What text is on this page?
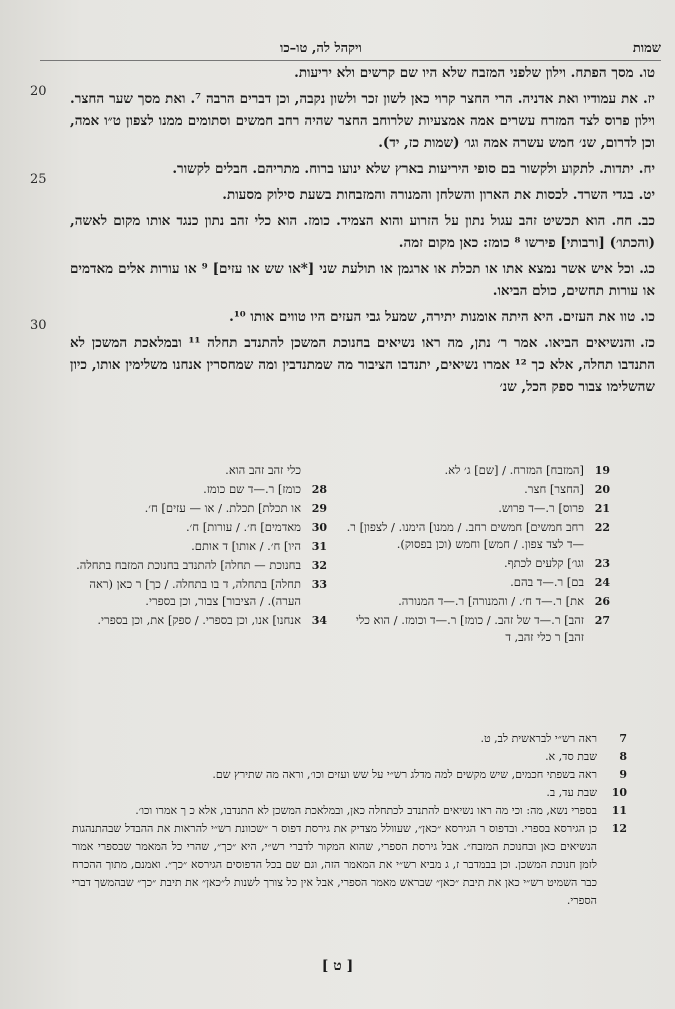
שמות
ויקהל לה, טו–כו
20
25
30
טו.מסך הפתח. וילון שלפני המזבח שלא היו שם קרשים ולא יריעות.
יז.את עמודיו ואת אדניה. הרי החצר קרוי כאן לשון זכר ולשון נקבה, וכן דברים הרבה ⁷. ואת מסך שער החצר. וילון פרוס לצד המזרח עשרים אמה אמצעיות שלרוחב החצר שהיה רחב חמשים וסתומים ממנו לצפון ט״ו אמה, וכן לדרום, שנ׳ חמש עשרה אמה וגו׳ (שמות כז, יד).
יח.יתדות. לתקוע ולקשור בם סופי היריעות בארץ שלא ינועו ברוח. מתריהם. חבלים לקשור.
יט.בגדי השרד. לכסות את הארון והשלחן והמנורה והמזבחות בשעת סילוק מסעות.
כב.חח. הוא תכשיט זהב עגול נתון על הזרוע והוא הצמיד. כומז. הוא כלי זהב נתון כנגד אותו מקום לאשה, (והכתו׳) [ורבותי] פירשו ⁸ כומז: כאן מקום זמה.
כג.וכל איש אשר נמצא אתו או תכלת או ארגמן או תולעת שני [*או שש או עזים] ⁹ או עורות אלים מאדמים או עורות תחשים, כולם הביאו.
כו.טוו את העזים. היא היתה אומנות יתירה, שמעל גבי העזים היו טווים אותו ¹⁰.
כז.והנשיאים הביאו. אמר ר׳ נתן, מה ראו נשיאים בחנוכת המשכן להתנדב תחלה ¹¹ ובמלאכת המשכן לא התנדבו תחלה, אלא כך ¹² אמרו נשיאים, יתנדבו הציבור מה שמתנדבין ומה שמחסרין אנחנו משלימין אותו, כיון שהשלימו צבור ספק הכל, שנ׳
19
[המזבח] המזרח. / [שם] ג׳ לא.
20
[החצר] חצר.
21
פרוס] ר.—ד פרוש.
22
רחב חמשים] חמשים רחב. / ממנו] הימנו. / לצפון] ר.—ד לצד צפון. / חמש] וחמש (וכן בפסוק).
23
וגו׳] קלעים לכתף.
24
בם] ר.—ד בהם.
26
את] ר.—ד ח׳. / והמנורה] ר.—ד המנורה.
27
זהב] ר.—ד של זהב. / כומז] ר.—ד וכומז. / הוא כלי זהב] ר כלי זהב, ד
כלי זהב זהב הוא.
28
כומז] ר.—ד שם כומז.
29
או תכלת] תכלת. / או — עזים] ח׳.
30
מאדמים] ח׳. / עורות] ח׳.
31
היו] ח׳. / אותו] ד אותם.
32
בחנוכת — תחלה] להתנדב בחנוכת המזבח בתחלה.
33
תחלה] בתחלה, ד בו בתחלה. / כך] ר כאן (ראה הערה). / הציבור] צבור, וכן בספרי.
34
אנחנו] אנו, וכן בספרי. / ספק] את, וכן בספרי.
7
ראה רש״י לבראשית לב, ט.
8
שבת סד, א.
9
ראה בשפתי חכמים, שיש מקשים למה מדלג רש״י על שש ועזים וכו׳, וראה מה שתירץ שם.
10
שבת עד, ב.
11
בספרי נשא, מה: וכי מה ראו נשיאים להתנדב לכתחלה כאן, ובמלאכת המשכן לא התנדבו, אלא כ ך אמרו וכו׳.
12
כן הגירסא בספרי. ובדפוס ר הגירסא ״כאן״, שעוולל מצדיק את גירסת דפוס ר ״שכוונת רש״י להראות את ההבדל שבהתנהגות הנשיאים כאן ובחנוכת המזבח״. אבל גירסת הספרי, שהוא המקור לדברי רש״י, היא ״כך״, שהרי כל המאמר שבספרי אמור לזמן חנוכת המשכן. וכן בבמדבר ז, ג מביא רש״י את המאמר הזה, וגם שם בכל הדפוסים הגירסא ״כך״. ואמנם, מתוך ההכרח כבר השמיט רש״י כאן את תיבת ״כאן״ שבראש מאמר הספרי, אבל אין כל צורך לשנות ל״כאן״ את תיבת ״כך״ שבהמשך דברי הספרי.
[ ט ]
